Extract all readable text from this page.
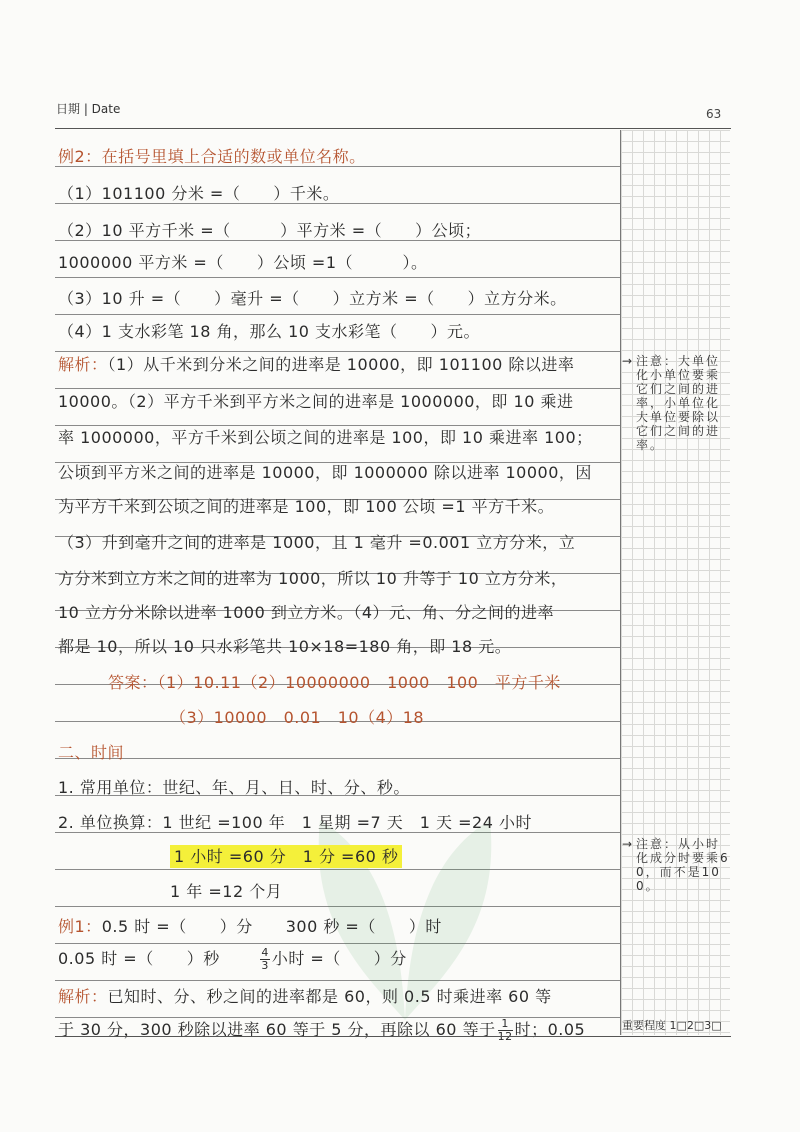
日期 | Date	63
例2：在括号里填上合适的数或单位名称。
（1）101100 分米 =（　　）千米。
（2）10 平方千米 =（　　　）平方米 =（　　）公顷；
1000000 平方米 =（　　）公顷 =1（　　　）。
（3）10 升 =（　　）毫升 =（　　）立方米 =（　　）立方分米。
（4）1 支水彩笔 18 角，那么 10 支水彩笔（　　）元。
解析：（1）从千米到分米之间的进率是 10000，即 101100 除以进率
10000。（2）平方千米到平方米之间的进率是 1000000，即 10 乘进
率 1000000，平方千米到公顷之间的进率是 100，即 10 乘进率 100；
公顷到平方米之间的进率是 10000，即 1000000 除以进率 10000，因
为平方千米到公顷之间的进率是 100，即 100 公顷 =1 平方千米。
（3）升到毫升之间的进率是 1000，且 1 毫升 =0.001 立方分米，立
方分米到立方米之间的进率为 1000，所以 10 升等于 10 立方分米，
10 立方分米除以进率 1000 到立方米。（4）元、角、分之间的进率
都是 10，所以 10 只水彩笔共 10×18=180 角，即 18 元。
答案：（1）10.11（2）10000000　1000　100　平方千米
（3）10000　0.01　10（4）18
二、时间
1. 常用单位：世纪、年、月、日、时、分、秒。
2. 单位换算：1 世纪 =100 年　1 星期 =7 天　1 天 =24 小时
1 小时 =60 分　1 分 =60 秒
1 年 =12 个月
例1：0.5 时 =（　　）分　　300 秒 =（　　）时
0.05 时 =（　　）秒　　	$\frac{4}{3}$ 小时 =（　　）分
解析：已知时、分、秒之间的进率都是 60，则 0.5 时乘进率 60 等
于 30 分，300 秒除以进率 60 等于 5 分，再除以 60 等于 $\frac{1}{12}$ 时；0.05
→ 注意：大单位化小单位要乘它们之间的进率，小单位化大单位要除以它们之间的进率。
→ 注意：从小时化成分时要乘60，而不是100。
重要程度 1□2□3□
